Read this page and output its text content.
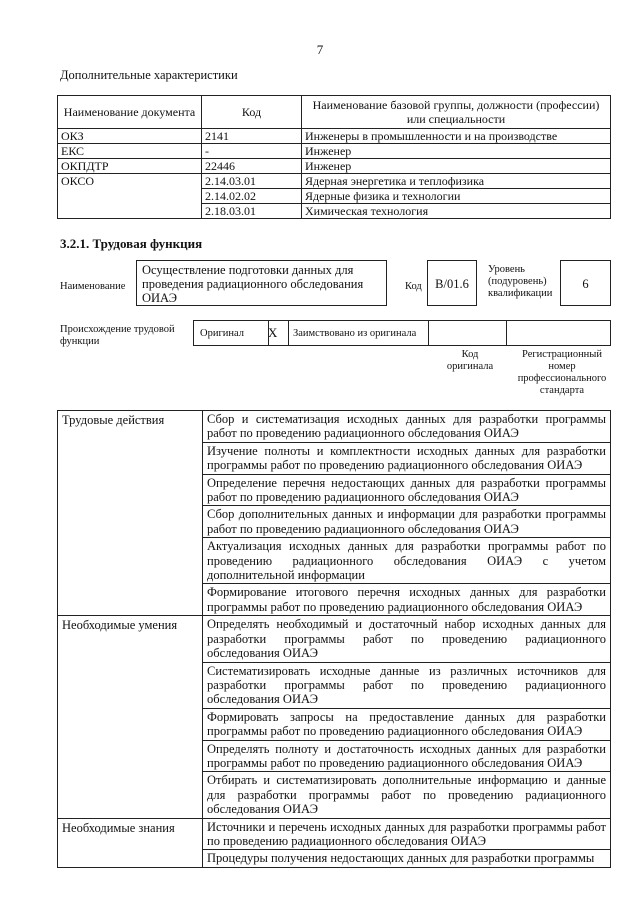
7
Дополнительные характеристики
Наименование документа	Код	Наименование базовой группы, должности (профессии) или специальности
ОКЗ	2141	Инженеры в промышленности и на производстве
ЕКС	-	Инженер
ОКПДТР	22446	Инженер
ОКСО	2.14.03.01	Ядерная энергетика и теплофизика
	2.14.02.02	Ядерные физика и технологии
	2.18.03.01	Химическая технология
3.2.1. Трудовая функция
Наименование
Осуществление подготовки данных для проведения радиационного обследования ОИАЭ
Код	В/01.6
Уровень (подуровень) квалификации
6
Происхождение трудовой функции
Оригинал X Заимствовано из оригинала
Код оригинала
Регистрационный номер профессионального стандарта
Трудовые действия	Сбор и систематизация исходных данных для разработки программы работ по проведению радиационного обследования ОИАЭ
	Изучение полноты и комплектности исходных данных для разработки программы работ по проведению радиационного обследования ОИАЭ
	Определение перечня недостающих данных для разработки программы работ по проведению радиационного обследования ОИАЭ
	Сбор дополнительных данных и информации для разработки программы работ по проведению радиационного обследования ОИАЭ
	Актуализация исходных данных для разработки программы работ по проведению радиационного обследования ОИАЭ с учетом дополнительной информации
	Формирование итогового перечня исходных данных для разработки программы работ по проведению радиационного обследования ОИАЭ
Необходимые умения	Определять необходимый и достаточный набор исходных данных для разработки программы работ по проведению радиационного обследования ОИАЭ
	Систематизировать исходные данные из различных источников для разработки программы работ по проведению радиационного обследования ОИАЭ
	Формировать запросы на предоставление данных для разработки программы работ по проведению радиационного обследования ОИАЭ
	Определять полноту и достаточность исходных данных для разработки программы работ по проведению радиационного обследования ОИАЭ
	Отбирать и систематизировать дополнительные информацию и данные для разработки программы работ по проведению радиационного обследования ОИАЭ
Необходимые знания	Источники и перечень исходных данных для разработки программы работ по проведению радиационного обследования ОИАЭ
	Процедуры получения недостающих данных для разработки программы
